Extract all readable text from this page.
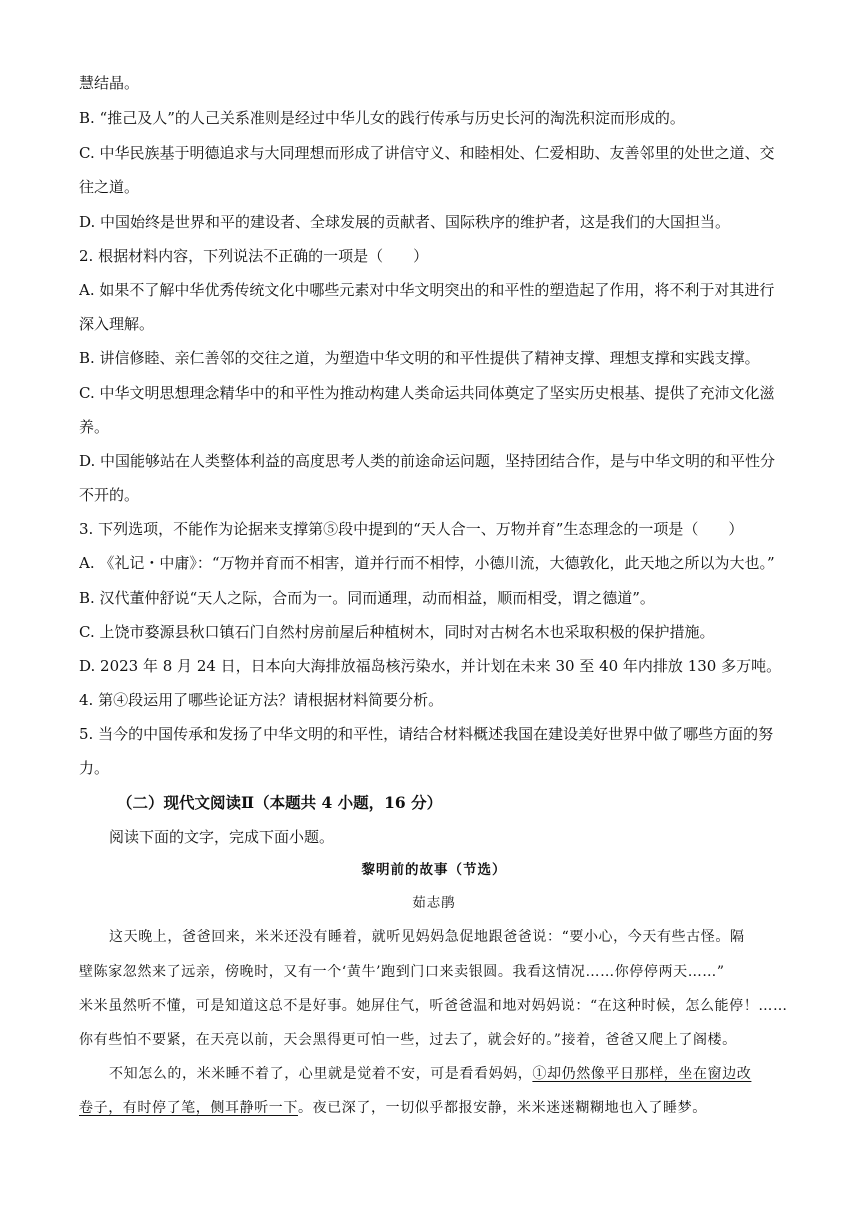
慧结晶。
B. “推己及人”的人己关系准则是经过中华儿女的践行传承与历史长河的淘洗积淀而形成的。
C. 中华民族基于明德追求与大同理想而形成了讲信守义、和睦相处、仁爱相助、友善邻里的处世之道、交
往之道。
D. 中国始终是世界和平的建设者、全球发展的贡献者、国际秩序的维护者，这是我们的大国担当。
2. 根据材料内容，下列说法不正确的一项是（　　）
A. 如果不了解中华优秀传统文化中哪些元素对中华文明突出的和平性的塑造起了作用，将不利于对其进行
深入理解。
B. 讲信修睦、亲仁善邻的交往之道，为塑造中华文明的和平性提供了精神支撑、理想支撑和实践支撑。
C. 中华文明思想理念精华中的和平性为推动构建人类命运共同体奠定了坚实历史根基、提供了充沛文化滋
养。
D. 中国能够站在人类整体利益的高度思考人类的前途命运问题，坚持团结合作，是与中华文明的和平性分
不开的。
3. 下列选项，不能作为论据来支撑第⑤段中提到的“天人合一、万物并育”生态理念的一项是（　　）
A. 《礼记・中庸》：“万物并育而不相害，道并行而不相悖，小德川流，大德敦化，此天地之所以为大也。”
B. 汉代董仲舒说“天人之际，合而为一。同而通理，动而相益，顺而相受，谓之德道”。
C. 上饶市婺源县秋口镇石门自然村房前屋后种植树木，同时对古树名木也采取积极的保护措施。
D. 2023 年 8 月 24 日，日本向大海排放福岛核污染水，并计划在未来 30 至 40 年内排放 130 多万吨。
4. 第④段运用了哪些论证方法？请根据材料简要分析。
5. 当今的中国传承和发扬了中华文明的和平性，请结合材料概述我国在建设美好世界中做了哪些方面的努
力。
（二）现代文阅读Ⅱ（本题共 4 小题，16 分）
阅读下面的文字，完成下面小题。
黎明前的故事（节选）
茹志鹃
这天晚上，爸爸回来，米米还没有睡着，就听见妈妈急促地跟爸爸说：“要小心，今天有些古怪。隔
壁陈家忽然来了远亲，傍晚时，又有一个‘黄牛’跑到门口来卖银圆。我看这情况……你停停两天……”
米米虽然听不懂，可是知道这总不是好事。她屏住气，听爸爸温和地对妈妈说：“在这种时候，怎么能停！……
你有些怕不要紧，在天亮以前，天会黑得更可怕一些，过去了，就会好的。”接着，爸爸又爬上了阁楼。
不知怎么的，米米睡不着了，心里就是觉着不安，可是看看妈妈，①却仍然像平日那样，坐在窗边改
卷子，有时停了笔，侧耳静听一下。夜已深了，一切似乎都报安静，米米迷迷糊糊地也入了睡梦。
